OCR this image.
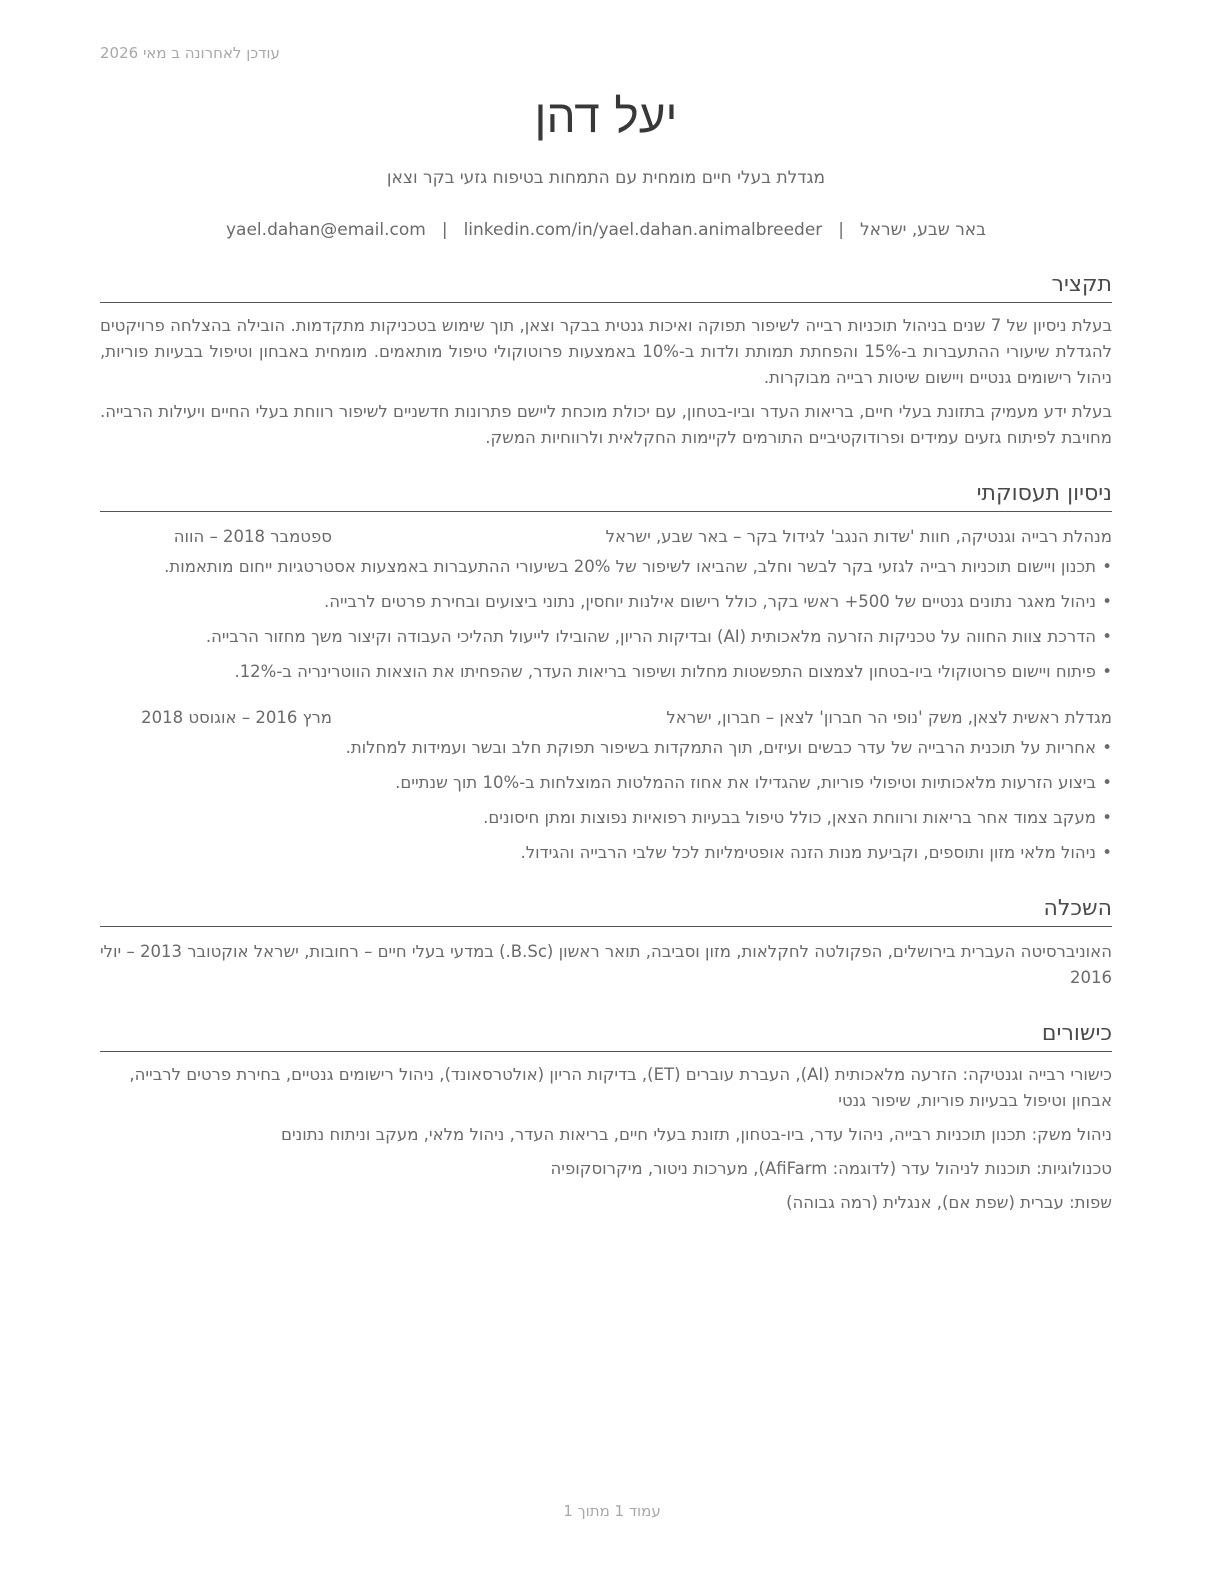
עודכן לאחרונה ב מאי 2026
יעל דהן
מגדלת בעלי חיים מומחית עם התמחות בטיפוח גזעי בקר וצאן
באר שבע, ישראל|yael.dahan@email.com | linkedin.com/in/yael.dahan.animalbreeder
תקציר
בעלת ניסיון של 7 שנים בניהול תוכניות רבייה לשיפור תפוקה ואיכות גנטית בבקר וצאן, תוך שימוש בטכניקות מתקדמות. הובילה בהצלחה פרויקטים להגדלת שיעורי ההתעברות ב-15% והפחתת תמותת ולדות ב-10% באמצעות פרוטוקולי טיפול מותאמים. מומחית באבחון וטיפול בבעיות פוריות, ניהול רישומים גנטיים ויישום שיטות רבייה מבוקרות.
בעלת ידע מעמיק בתזונת בעלי חיים, בריאות העדר וביו-בטחון, עם יכולת מוכחת ליישם פתרונות חדשניים לשיפור רווחת בעלי החיים ויעילות הרבייה. מחויבת לפיתוח גזעים עמידים ופרודוקטיביים התורמים לקיימות החקלאית ולרווחיות המשק.
ניסיון תעסוקתי
מנהלת רבייה וגנטיקה, חוות 'שדות הנגב' לגידול בקר – באר שבע, ישראל
ספטמבר 2018 – הווה
•
תכנון ויישום תוכניות רבייה לגזעי בקר לבשר וחלב, שהביאו לשיפור של 20% בשיעורי ההתעברות באמצעות אסטרטגיות ייחום מותאמות.
•
ניהול מאגר נתונים גנטיים של 500+ ראשי בקר, כולל רישום אילנות יוחסין, נתוני ביצועים ובחירת פרטים לרבייה.
•
הדרכת צוות החווה על טכניקות הזרעה מלאכותית (AI) ובדיקות הריון, שהובילו לייעול תהליכי העבודה וקיצור משך מחזור הרבייה.
•
פיתוח ויישום פרוטוקולי ביו-בטחון לצמצום התפשטות מחלות ושיפור בריאות העדר, שהפחיתו את הוצאות הווטרינריה ב-12%.
מגדלת ראשית לצאן, משק 'נופי הר חברון' לצאן – חברון, ישראל
מרץ 2016 – אוגוסט 2018
•
אחריות על תוכנית הרבייה של עדר כבשים ועיזים, תוך התמקדות בשיפור תפוקת חלב ובשר ועמידות למחלות.
•
ביצוע הזרעות מלאכותיות וטיפולי פוריות, שהגדילו את אחוז ההמלטות המוצלחות ב-10% תוך שנתיים.
•
מעקב צמוד אחר בריאות ורווחת הצאן, כולל טיפול בבעיות רפואיות נפוצות ומתן חיסונים.
•
ניהול מלאי מזון ותוספים, וקביעת מנות הזנה אופטימליות לכל שלבי הרבייה והגידול.
השכלה
האוניברסיטה העברית בירושלים, הפקולטה לחקלאות, מזון וסביבה, תואר ראשון (B.Sc.) במדעי בעלי חיים – רחובות, ישראל אוקטובר 2013 – יולי 2016
כישורים
כישורי רבייה וגנטיקה: הזרעה מלאכותית (AI), העברת עוברים (ET), בדיקות הריון (אולטרסאונד), ניהול רישומים גנטיים, בחירת פרטים לרבייה, אבחון וטיפול בבעיות פוריות, שיפור גנטי
ניהול משק: תכנון תוכניות רבייה, ניהול עדר, ביו-בטחון, תזונת בעלי חיים, בריאות העדר, ניהול מלאי, מעקב וניתוח נתונים
טכנולוגיות: תוכנות לניהול עדר (לדוגמה: AfiFarm), מערכות ניטור, מיקרוסקופיה
שפות: עברית (שפת אם), אנגלית (רמה גבוהה)
עמוד 1 מתוך 1
